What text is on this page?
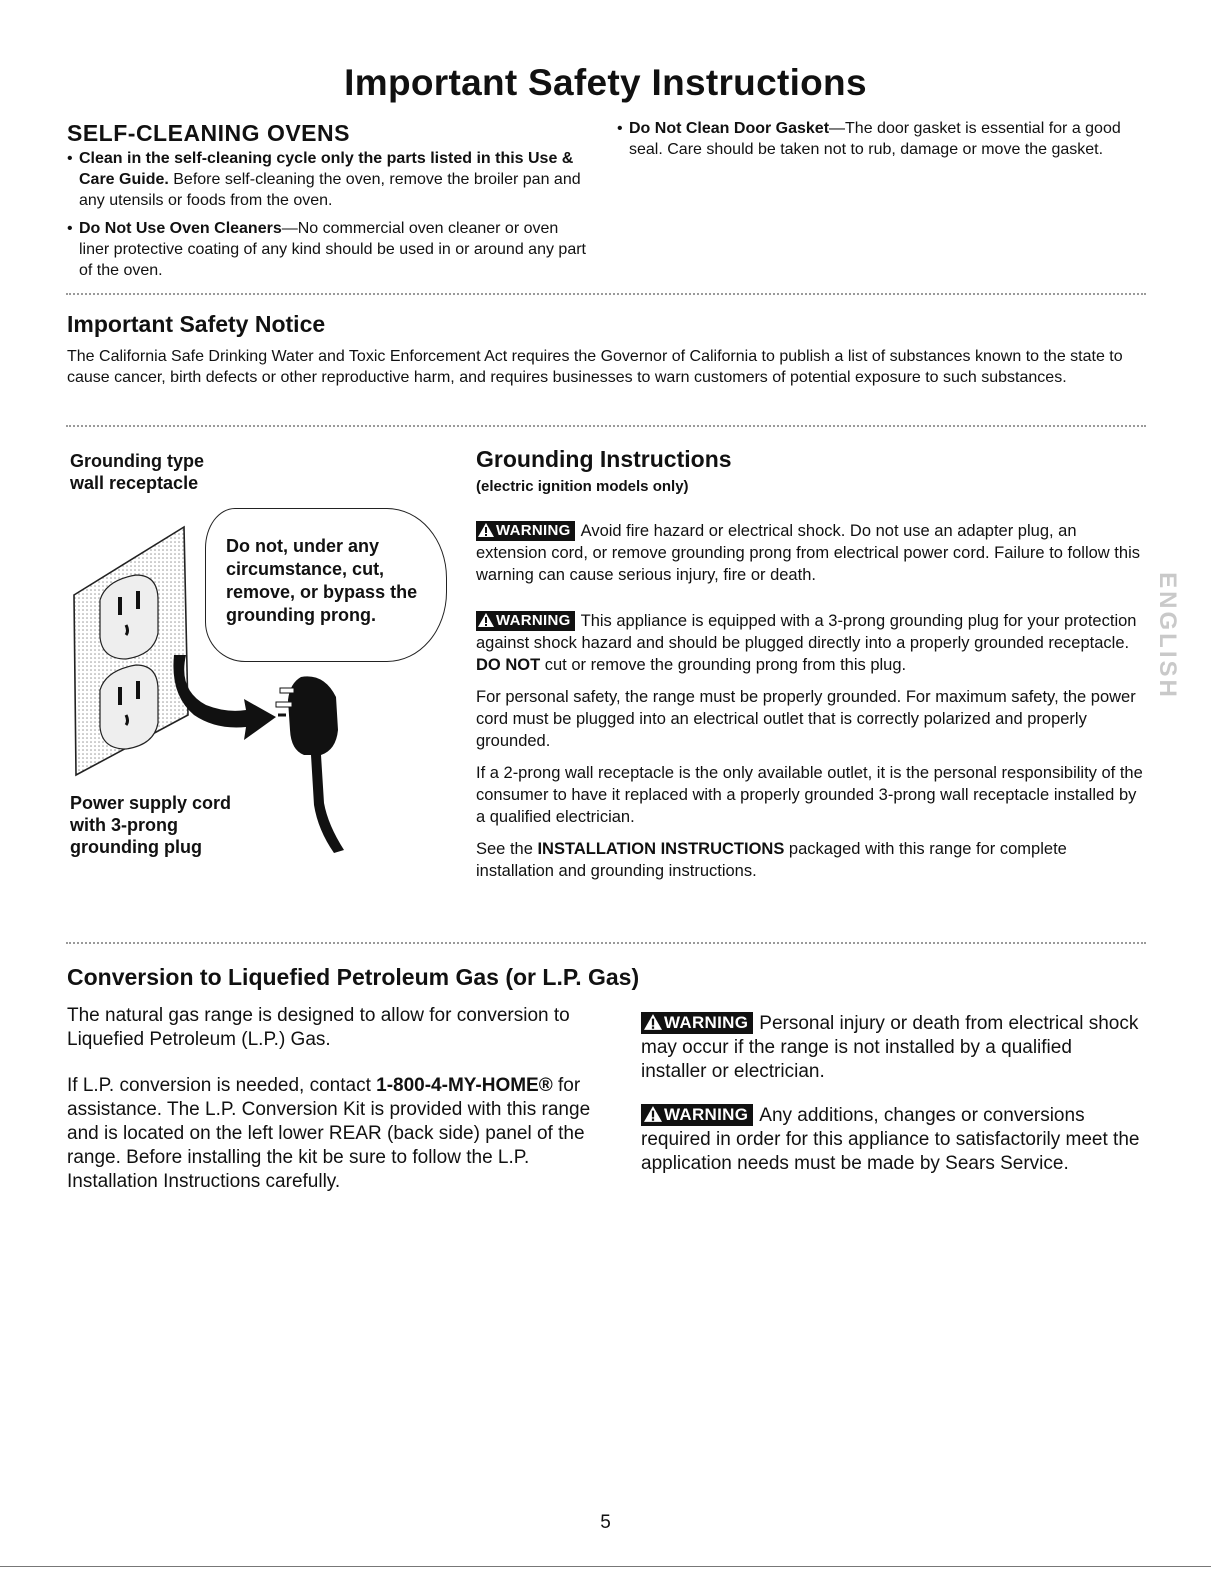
Important Safety Instructions
SELF-CLEANING OVENS

• Clean in the self-cleaning cycle only the parts listed in this Use & Care Guide. Before self-cleaning the oven, remove the broiler pan and any utensils or foods from the oven.

• Do Not Use Oven Cleaners—No commercial oven cleaner or oven liner protective coating of any kind should be used in or around any part of the oven.

• Do Not Clean Door Gasket—The door gasket is essential for a good seal. Care should be taken not to rub, damage or move the gasket.

Important Safety Notice

The California Safe Drinking Water and Toxic Enforcement Act requires the Governor of California to publish a list of substances known to the state to cause cancer, birth defects or other reproductive harm, and requires businesses to warn customers of potential exposure to such substances.

Grounding type wall receptacle

Do not, under any circumstance, cut, remove, or bypass the grounding prong.

Power supply cord with 3-prong grounding plug
Grounding Instructions

(electric ignition models only)

WARNING Avoid fire hazard or electrical shock. Do not use an adapter plug, an extension cord, or remove grounding prong from electrical power cord. Failure to follow this warning can cause serious injury, fire or death.

WARNING This appliance is equipped with a 3-prong grounding plug for your protection against shock hazard and should be plugged directly into a properly grounded receptacle. DO NOT cut or remove the grounding prong from this plug.

For personal safety, the range must be properly grounded. For maximum safety, the power cord must be plugged into an electrical outlet that is correctly polarized and properly grounded.

If a 2-prong wall receptacle is the only available outlet, it is the personal responsibility of the consumer to have it replaced with a properly grounded 3-prong wall receptacle installed by a qualified electrician.

See the INSTALLATION INSTRUCTIONS packaged with this range for complete installation and grounding instructions.

ENGLISH
Conversion to Liquefied Petroleum Gas (or L.P. Gas)

The natural gas range is designed to allow for conversion to Liquefied Petroleum (L.P.) Gas.

If L.P. conversion is needed, contact 1-800-4-MY-HOME® for assistance. The L.P. Conversion Kit is provided with this range and is located on the left lower REAR (back side) panel of the range. Before installing the kit be sure to follow the L.P. Installation Instructions carefully.

WARNING Personal injury or death from electrical shock may occur if the range is not installed by a qualified installer or electrician.

WARNING Any additions, changes or conversions required in order for this appliance to satisfactorily meet the application needs must be made by Sears Service.

5
